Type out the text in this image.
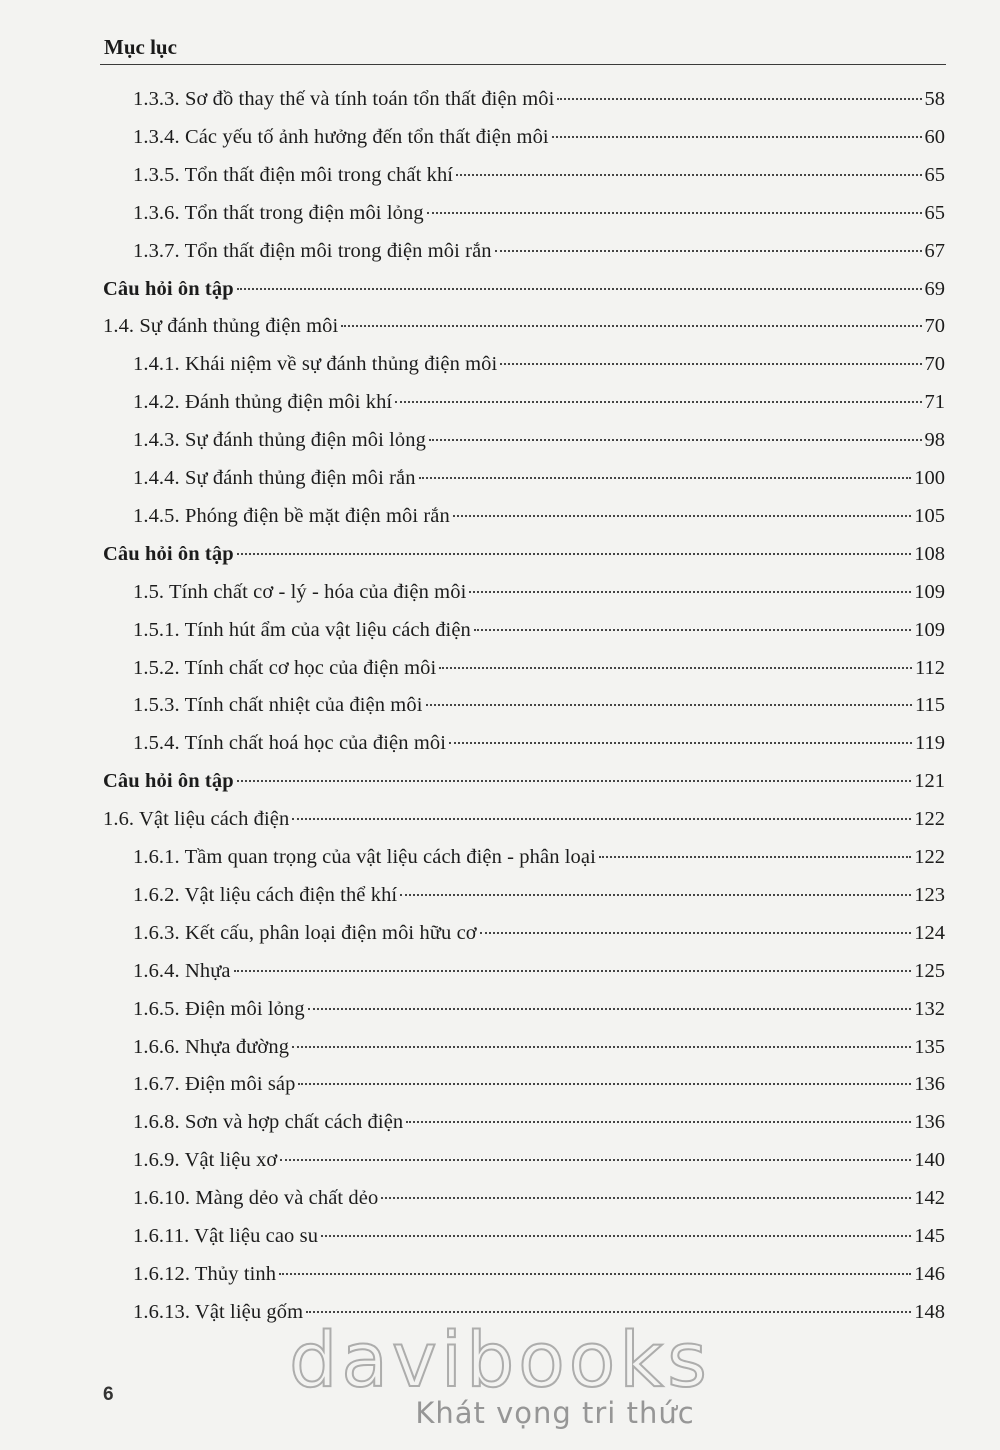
Mục lục
1.3.3. Sơ đồ thay thế và tính toán tổn thất điện môi	58
1.3.4. Các yếu tố ảnh hưởng đến tổn thất điện môi	60
1.3.5. Tổn thất điện môi trong chất khí	65
1.3.6. Tổn thất trong điện môi lỏng	65
1.3.7. Tổn thất điện môi trong điện môi rắn	67
Câu hỏi ôn tập	69
1.4. Sự đánh thủng điện môi	70
1.4.1. Khái niệm về sự đánh thủng điện môi	70
1.4.2. Đánh thủng điện môi khí	71
1.4.3. Sự đánh thủng điện môi lỏng	98
1.4.4. Sự đánh thủng điện môi rắn	100
1.4.5. Phóng điện bề mặt điện môi rắn	105
Câu hỏi ôn tập	108
1.5. Tính chất cơ - lý - hóa của điện môi	109
1.5.1. Tính hút ẩm của vật liệu cách điện	109
1.5.2. Tính chất cơ học của điện môi	112
1.5.3. Tính chất nhiệt của điện môi	115
1.5.4. Tính chất hoá học của điện môi	119
Câu hỏi ôn tập	121
1.6. Vật liệu cách điện	122
1.6.1. Tầm quan trọng của vật liệu cách điện - phân loại	122
1.6.2. Vật liệu cách điện thể khí	123
1.6.3. Kết cấu, phân loại điện môi hữu cơ	124
1.6.4. Nhựa	125
1.6.5. Điện môi lỏng	132
1.6.6. Nhựa đường	135
1.6.7. Điện môi sáp	136
1.6.8. Sơn và hợp chất cách điện	136
1.6.9. Vật liệu xơ	140
1.6.10. Màng dẻo và chất dẻo	142
1.6.11. Vật liệu cao su	145
1.6.12. Thủy tinh	146
1.6.13. Vật liệu gốm	148
6	davibooks
Khát vọng tri thức
